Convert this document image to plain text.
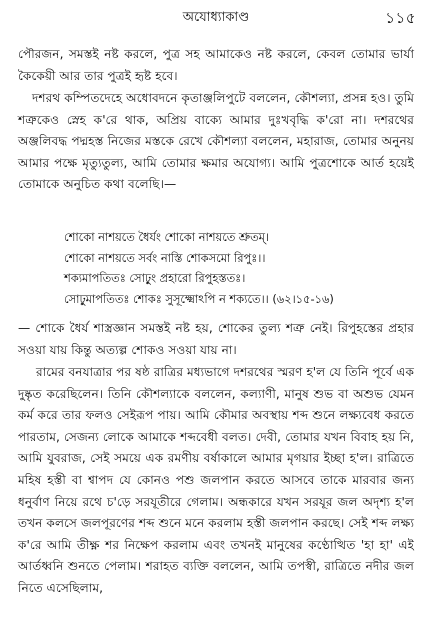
অযোধ্যাকাণ্ড	১১৫

পৌরজন, সমস্তই নষ্ট করলে, পুত্র সহ আমাকেও নষ্ট করলে, কেবল তোমার ভার্যা কৈকেয়ী আর তার পুত্রই হৃষ্ট হবে।

দশরথ কম্পিতদেহে অধোবদনে কৃতাঞ্জলিপুটে বললেন, কৌশল্যা, প্রসন্ন হও। তুমি শত্রুকেও স্নেহ ক'রে থাক, অপ্রিয় বাক্যে আমার দুঃখবৃদ্ধি ক'রো না। দশরথের অঞ্জলিবদ্ধ পদ্মহস্ত নিজের মস্তকে রেখে কৌশল্যা বললেন, মহারাজ, তোমার অনুনয় আমার পক্ষে মৃত্যুতুল্য, আমি তোমার ক্ষমার অযোগ্য। আমি পুত্রশোকে আর্ত হয়েই তোমাকে অনুচিত কথা বলেছি।—

শোকো নাশয়তে ধৈর্যং শোকো নাশয়তে শ্রুতম্।
শোকো নাশয়তে সর্বং নাস্তি শোকসমো রিপুঃ।।
শক্যমাপতিতঃ সোঢ়ুং প্রহারো রিপুহস্ততঃ।
সোঢ়ুমাপতিতঃ শোকঃ সুসূক্ষ্মোঽপি ন শক্যতে।। (৬২।১৫-১৬)

— শোকে ধৈর্য শাস্ত্রজ্ঞান সমস্তই নষ্ট হয়, শোকের তুল্য শত্রু নেই। রিপুহস্তের প্রহার সওয়া যায় কিন্তু অত্যল্প শোকও সওয়া যায় না।

রামের বনযাত্রার পর ষষ্ঠ রাত্রির মধ্যভাগে দশরথের স্মরণ হ'ল যে তিনি পূর্বে এক দুষ্কৃত করেছিলেন। তিনি কৌশল্যাকে বললেন, কল্যাণী, মানুষ শুভ বা অশুভ যেমন কর্ম করে তার ফলও সেইরূপ পায়। আমি কৌমার অবস্থায় শব্দ শুনে লক্ষ্যবেধ করতে পারতাম, সেজন্য লোকে আমাকে শব্দবেধী বলত। দেবী, তোমার যখন বিবাহ হয় নি, আমি যুবরাজ, সেই সময়ে এক রমণীয় বর্ষাকালে আমার মৃগয়ার ইচ্ছা হ'ল। রাত্রিতে মহিষ হস্তী বা শ্বাপদ যে কোনও পশু জলপান করতে আসবে তাকে মারবার জন্য ধনুর্বাণ নিয়ে রথে চ'ড়ে সরযূতীরে গেলাম। অন্ধকারে যখন সরযূর জল অদৃশ্য হ'ল তখন কলসে জলপূরণের শব্দ শুনে মনে করলাম হস্তী জলপান করছে। সেই শব্দ লক্ষ্য ক'রে আমি তীক্ষ্ণ শর নিক্ষেপ করলাম এবং তখনই মানুষের কণ্ঠোত্থিত 'হা হা' এই আর্তধ্বনি শুনতে পেলাম। শরাহত ব্যক্তি বললেন, আমি তপস্বী, রাত্রিতে নদীর জল নিতে এসেছিলাম,
